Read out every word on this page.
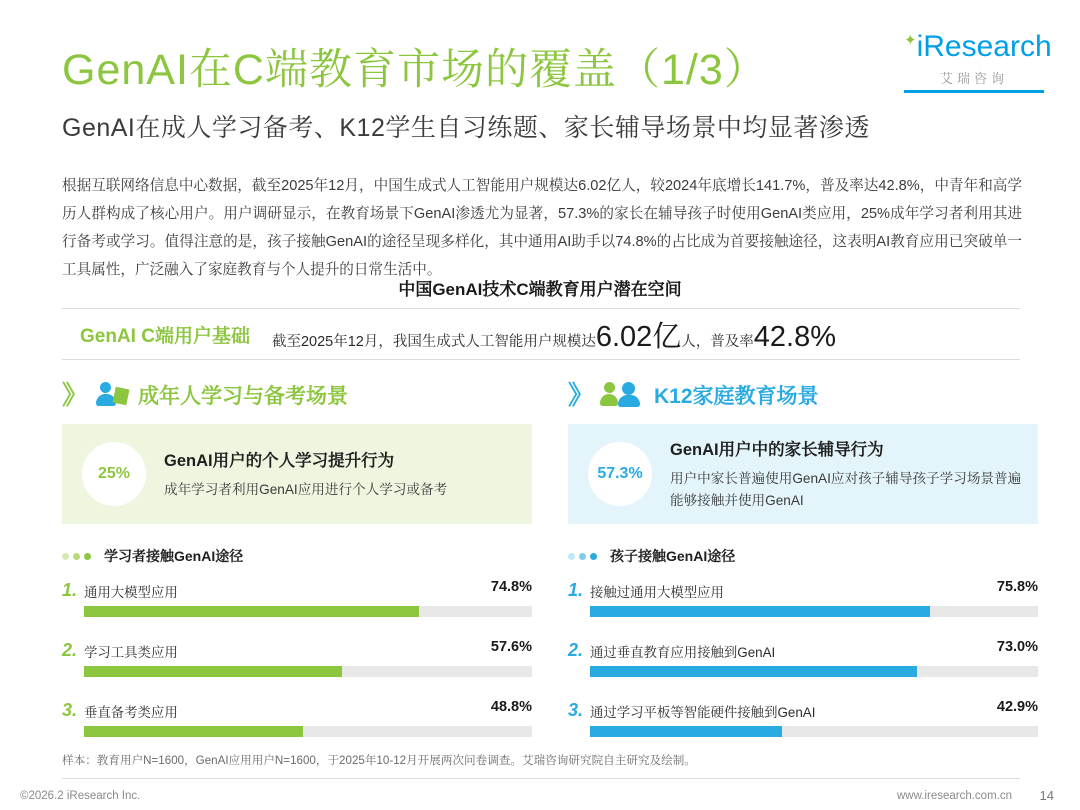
GenAI在C端教育市场的覆盖（1/3）
GenAI在成人学习备考、K12学生自习练题、家长辅导场景中均显著渗透
✦iResearch
艾瑞咨询
根据互联网络信息中心数据，截至2025年12月，中国生成式人工智能用户规模达6.02亿人，较2024年底增长141.7%，普及率达42.8%，中青年和高学历人群构成了核心用户。用户调研显示，在教育场景下GenAI渗透尤为显著，57.3%的家长在辅导孩子时使用GenAI类应用，25%成年学习者利用其进行备考或学习。值得注意的是，孩子接触GenAI的途径呈现多样化，其中通用AI助手以74.8%的占比成为首要接触途径，这表明AI教育应用已突破单一工具属性，广泛融入了家庭教育与个人提升的日常生活中。
中国GenAI技术C端教育用户潜在空间
GenAI C端用户基础 截至2025年12月，我国生成式人工智能用户规模达6.02亿人，普及率42.8%
》	成年人学习与备考场景
25%
GenAI用户的个人学习提升行为
成年学习者利用GenAI应用进行个人学习或备考
学习者接触GenAI途径
1. 通用大模型应用	74.8%
2. 学习工具类应用	57.6%
3. 垂直备考类应用	48.8%
》	K12家庭教育场景
57.3%
GenAI用户中的家长辅导行为
用户中家长普遍使用GenAI应对孩子辅导孩子学习场景普遍能够接触并使用GenAI
孩子接触GenAI途径
1. 接触过通用大模型应用	75.8%
2. 通过垂直教育应用接触到GenAI	73.0%
3. 通过学习平板等智能硬件接触到GenAI	42.9%
样本：教育用户N=1600，GenAI应用用户N=1600，于2025年10-12月开展两次问卷调查。艾瑞咨询研究院自主研究及绘制。
©2026.2 iResearch Inc.	www.iresearch.com.cn 14
